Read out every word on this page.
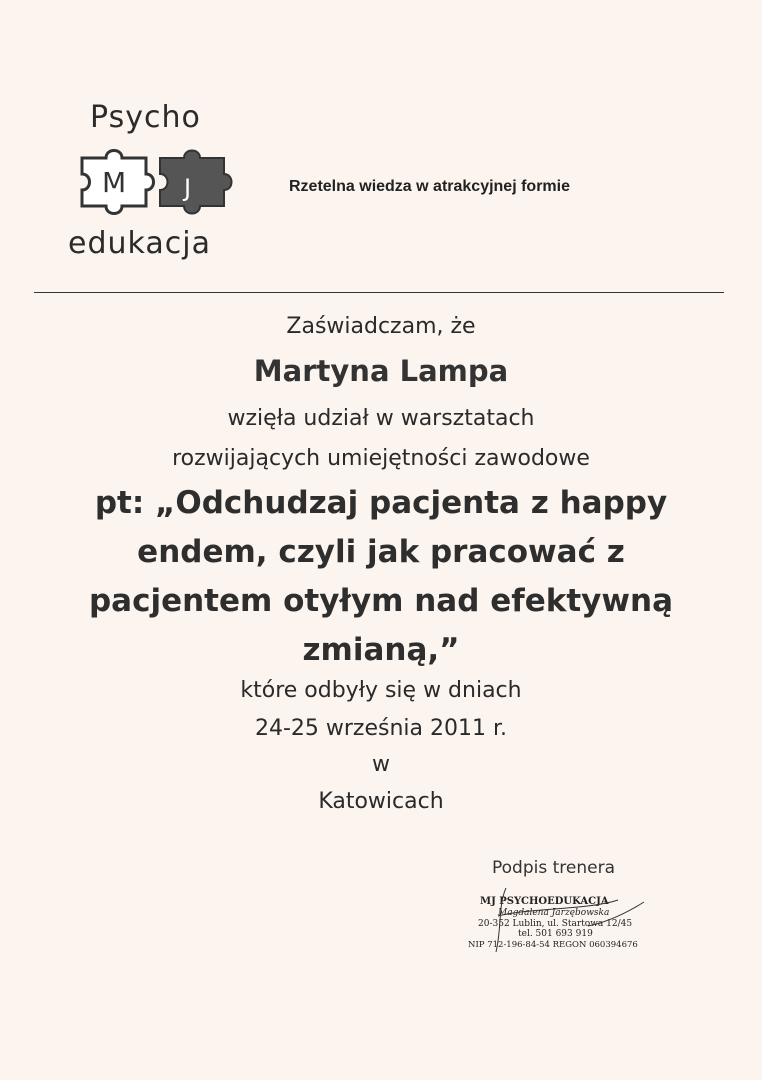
Psycho
M J
edukacja
Rzetelna wiedza w atrakcyjnej formie
Zaświadczam, że
Martyna Lampa
wzięła udział w warsztatach
rozwijających umiejętności zawodowe
pt: „Odchudzaj pacjenta z happy
endem, czyli jak pracować z
pacjentem otyłym nad efektywną
zmianą,”
które odbyły się w dniach
24-25 września 2011 r.
w
Katowicach
Podpis trenera
MJ PSYCHOEDUKACJA
Magdalena Jarzębowska
20-352 Lublin, ul. Startowa 12/45
tel. 501 693 919
NIP 712-196-84-54 REGON 060394676
